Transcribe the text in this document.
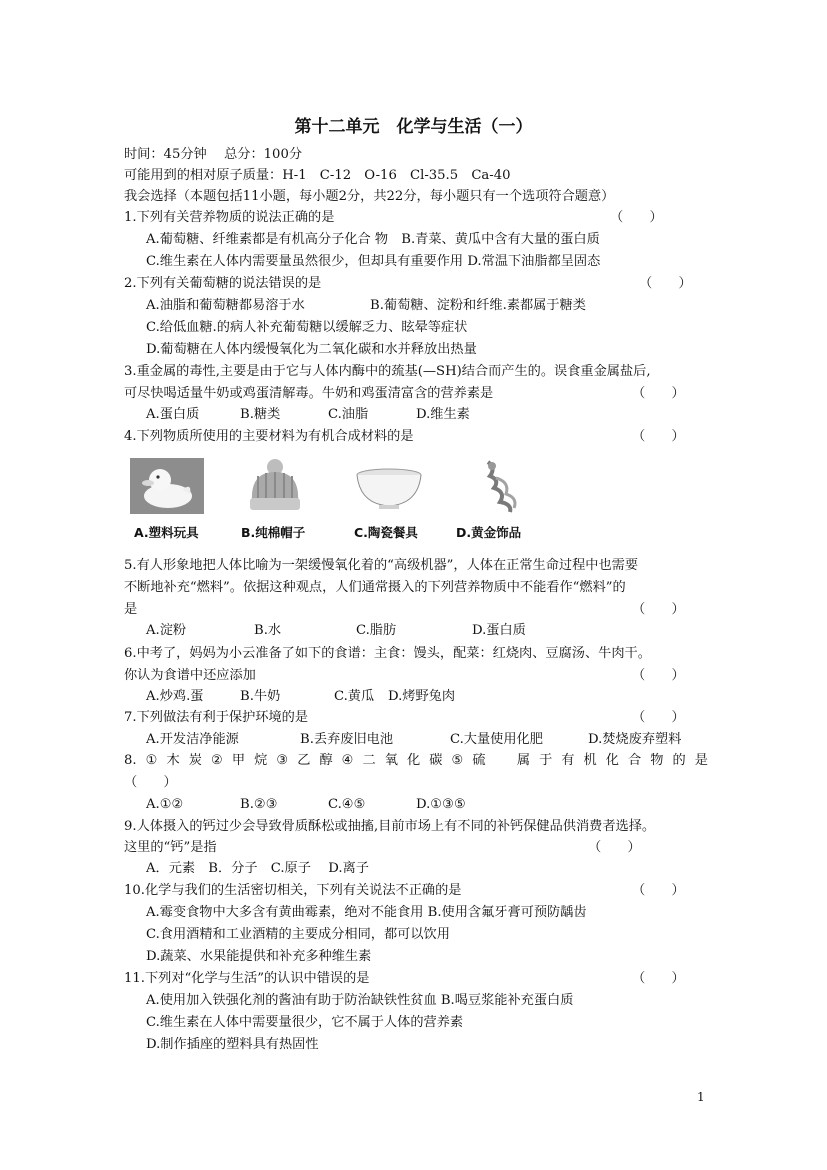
第十二单元　化学与生活（一）
时间：45分钟　 总分：100分
可能用到的相对原子质量：H-1　C-12　O-16　Cl-35.5　Ca-40
我会选择（本题包括11小题，每小题2分，共22分，每小题只有一个选项符合题意）
1.下列有关营养物质的说法正确的是	（　　）
A.葡萄糖、纤维素都是有机高分子化合 物　B.青菜、黄瓜中含有大量的蛋白质
C.维生素在人体内需要量虽然很少，但却具有重要作用 D.常温下油脂都呈固态
2.下列有关葡萄糖的说法错误的是	（　　）
A.油脂和葡萄糖都易溶于水	B.葡萄糖、淀粉和纤维.素都属于糖类
C.给低血糖.的病人补充葡萄糖以缓解乏力、眩晕等症状
D.葡萄糖在人体内缓慢氧化为二氧化碳和水并释放出热量
3.重金属的毒性,主要是由于它与人体内酶中的巯基(—SH)结合而产生的。误食重金属盐后,
可尽快喝适量牛奶或鸡蛋清解毒。牛奶和鸡蛋清富含的营养素是	（　　）
A.蛋白质	B.糖类	C.油脂	D.维生素
4.下列物质所使用的主要材料为有机合成材料的是	（　　）
A.塑料玩具	B.纯棉帽子	C.陶瓷餐具	D.黄金饰品
5.有人形象地把人体比喻为一架缓慢氧化着的“高级机器”，人体在正常生命过程中也需要
不断地补充“燃料”。依据这种观点，人们通常摄入的下列营养物质中不能看作“燃料”的
是	（　　）
A.淀粉	B.水	C.脂肪	D.蛋白质
6.中考了，妈妈为小云准备了如下的食谱：主食：馒头，配菜：红烧肉、豆腐汤、牛肉干。
你认为食谱中还应添加	（　　）
A.炒鸡.蛋	B.牛奶	C.黄瓜 D.烤野兔肉
7.下列做法有利于保护环境的是	（　　）
A.开发洁净能源	B.丢弃废旧电池	C.大量使用化肥	D.焚烧废弃塑料
8. ① 木 炭 ② 甲 烷 ③ 乙 醇 ④ 二 氧 化 碳 ⑤ 硫
　 属 于 有 机 化 合 物 的 是
（　　）
A.①②	B.②③	C.④⑤	D.①③⑤
9.人体摄入的钙过少会导致骨质酥松或抽搐,目前市场上有不同的补钙保健品供消费者选择。
这里的“钙”是指	（　　）
A．元素　B．分子　C.原子　 D.离子
10.化学与我们的生活密切相关，下列有关说法不正确的是	（　　）
A.霉变食物中大多含有黄曲霉素，绝对不能食用 B.使用含氟牙膏可预防龋齿
C.食用酒精和工业酒精的主要成分相同，都可以饮用
D.蔬菜、水果能提供和补充多种维生素
11.下列对“化学与生活”的认识中错误的是	（　　）
A.使用加入铁强化剂的酱油有助于防治缺铁性贫血 B.喝豆浆能补充蛋白质
C.维生素在人体中需要量很少，它不属于人体的营养素
D.制作插座的塑料具有热固性
1
